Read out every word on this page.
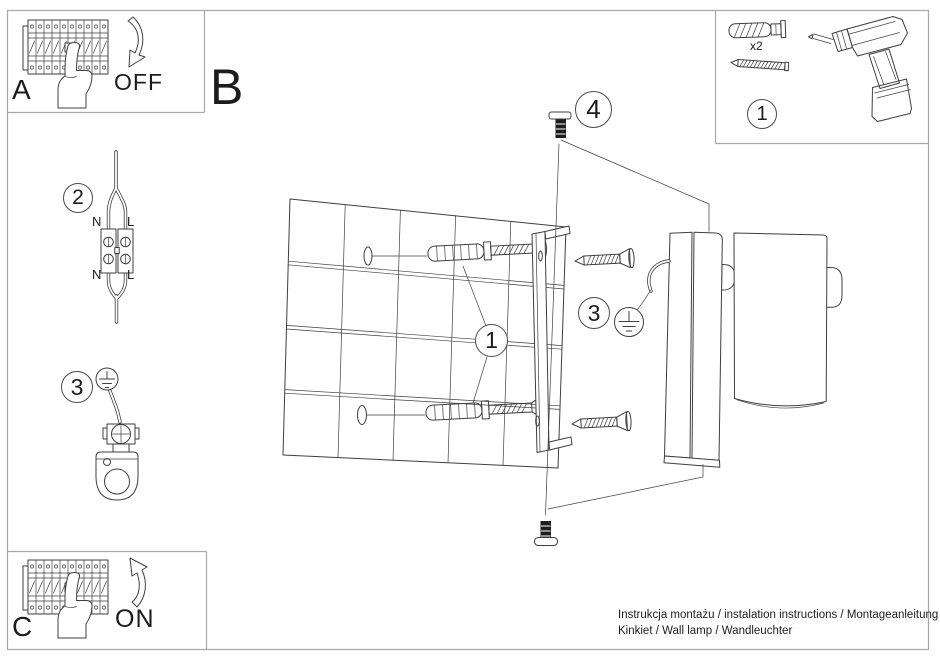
A	OFF B
C	ON
1
1
2
3
3
4
N L
N L
x2
Instrukcja montażu / instalation instructions / Montageanleitung
Kinkiet / Wall lamp / Wandleuchter
